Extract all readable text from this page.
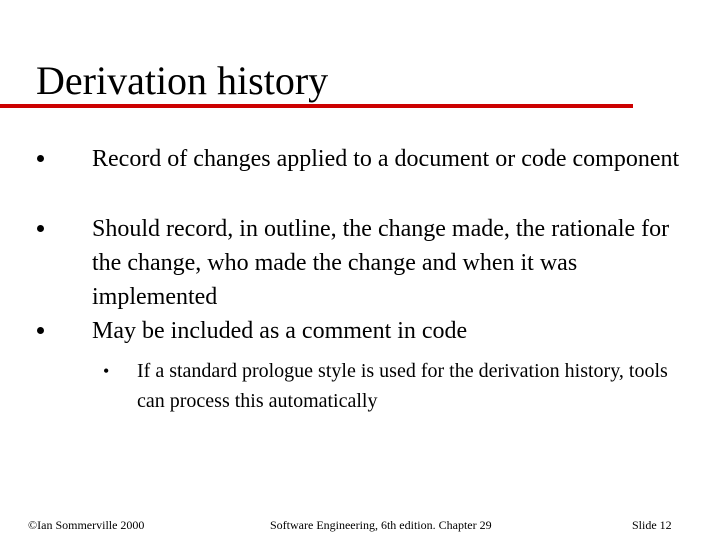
Derivation history
Record of changes applied to a document or code component
Should record, in outline, the change made, the rationale for the change, who made the change and when it was implemented
May be included as a comment in code
• If a standard prologue style is used for the derivation history, tools can process this automatically
©Ian Sommerville 2000	Software Engineering, 6th edition. Chapter 29	Slide 12
